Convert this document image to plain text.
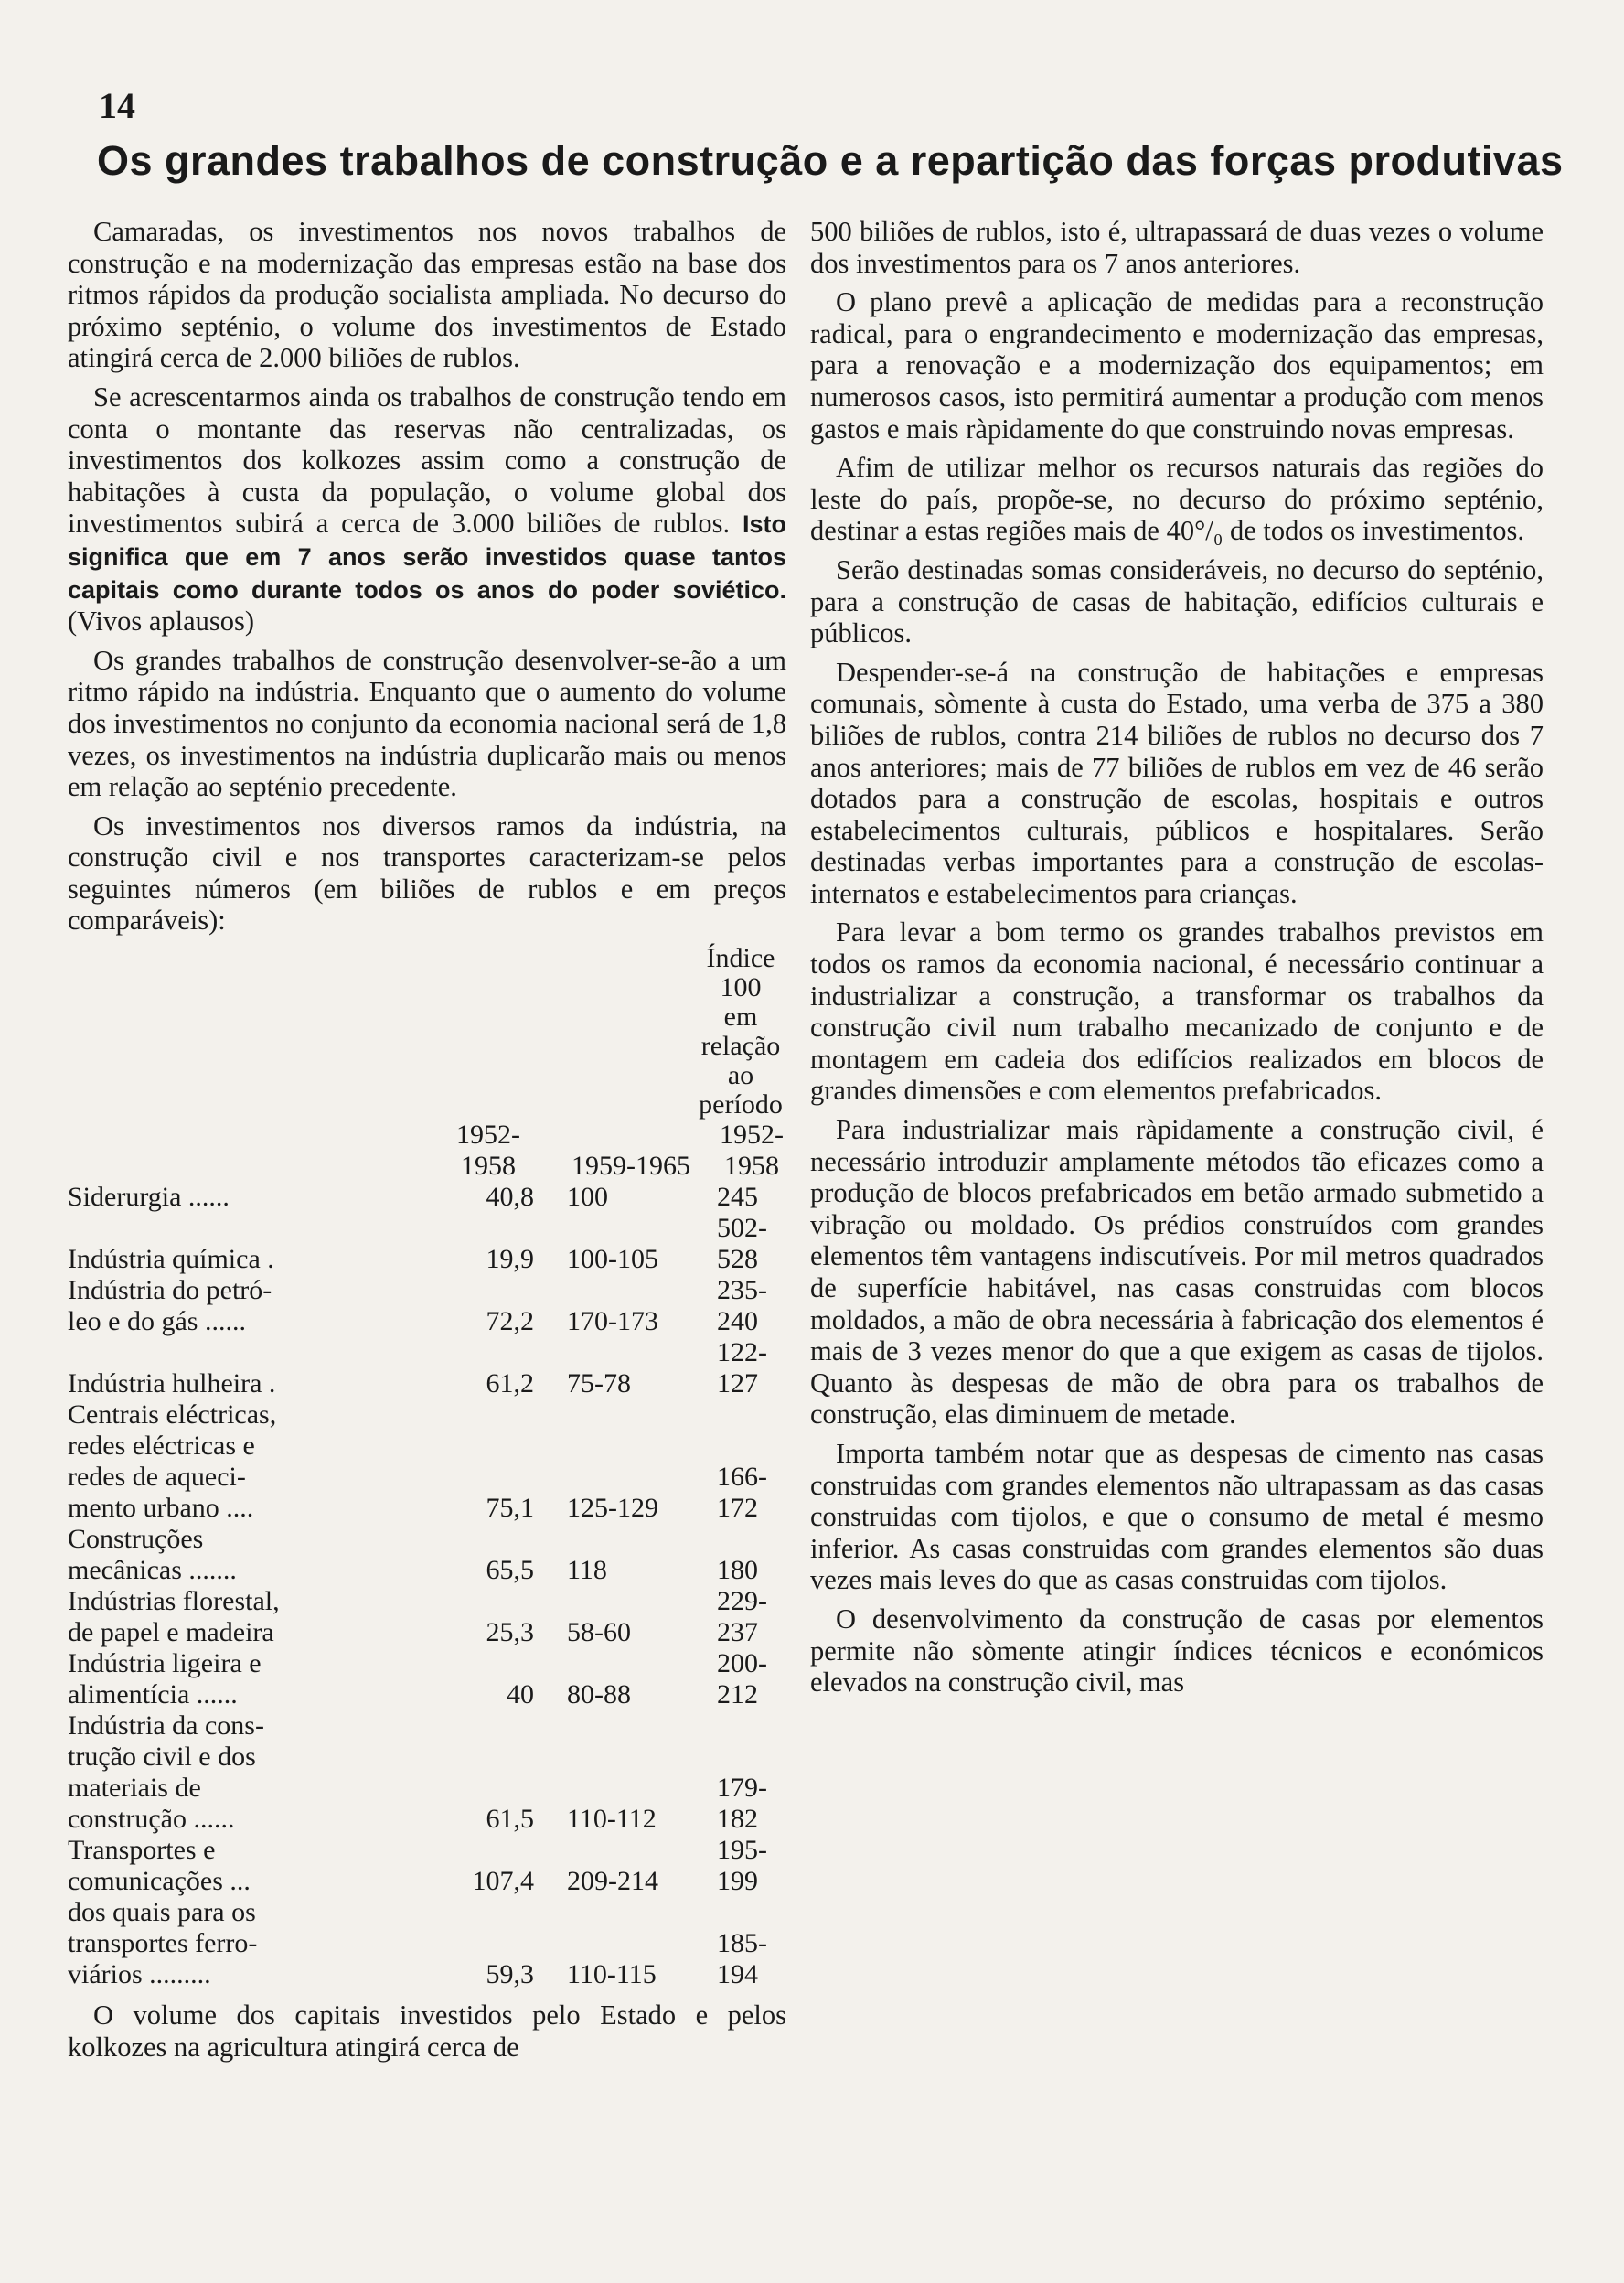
14
Os grandes trabalhos de construção e a repartição das forças produtivas

Camaradas, os investimentos nos novos trabalhos de construção e na modernização das empresas estão na base dos ritmos rápidos da produção socialista ampliada. No decurso do próximo septénio, o volume dos investimentos de Estado atingirá cerca de 2.000 biliões de rublos.

Se acrescentarmos ainda os trabalhos de construção tendo em conta o montante das reservas não centralizadas, os investimentos dos kolkozes assim como a construção de habitações à custa da população, o volume global dos investimentos subirá a cerca de 3.000 biliões de rublos. Isto significa que em 7 anos serão investidos quase tantos capitais como durante todos os anos do poder soviético. (Vivos aplausos)

Os grandes trabalhos de construção desenvolver-se-ão a um ritmo rápido na indústria. Enquanto que o aumento do volume dos investimentos no conjunto da economia nacional será de 1,8 vezes, os investimentos na indústria duplicarão mais ou menos em relação ao septénio precedente.

Os investimentos nos diversos ramos da indústria, na construção civil e nos transportes caracterizam-se pelos seguintes números (em biliões de rublos e em preços comparáveis):

			Índice 100
em relação
ao período

	1952-1958	1959-1965	1952-1958

Siderurgia ......	40,8	100	245

Indústria química .	19,9	100-105	502-528

Indústria do petró-
leo e do gás ......	72,2	170-173	235-240

Indústria hulheira .	61,2	75-78	122-127

Centrais eléctricas,
redes eléctricas e
redes de aqueci-
mento urbano ....	75,1	125-129	166-172

Construções
mecânicas .......	65,5	118	180

Indústrias florestal,
de papel e madeira	25,3	58-60	229-237

Indústria ligeira e
alimentícia ......	40	80-88	200-212

Indústria da cons-
trução civil e dos
materiais de
construção ......	61,5	110-112	179-182

Transportes e
comunicações ...	107,4	209-214	195-199

dos quais para os
transportes ferro-
viários .........	59,3	110-115	185-194

O volume dos capitais investidos pelo Estado e pelos kolkozes na agricultura atingirá cerca de

500 biliões de rublos, isto é, ultrapassará de duas vezes o volume dos investimentos para os 7 anos anteriores.

O plano prevê a aplicação de medidas para a reconstrução radical, para o engrandecimento e modernização das empresas, para a renovação e a modernização dos equipamentos; em numerosos casos, isto permitirá aumentar a produção com menos gastos e mais ràpidamente do que construindo novas empresas.

Afim de utilizar melhor os recursos naturais das regiões do leste do país, propõe-se, no decurso do próximo septénio, destinar a estas regiões mais de 40°/₀ de todos os investimentos.

Serão destinadas somas consideráveis, no decurso do septénio, para a construção de casas de habitação, edifícios culturais e públicos.

Despender-se-á na construção de habitações e empresas comunais, sòmente à custa do Estado, uma verba de 375 a 380 biliões de rublos, contra 214 biliões de rublos no decurso dos 7 anos anteriores; mais de 77 biliões de rublos em vez de 46 serão dotados para a construção de escolas, hospitais e outros estabelecimentos culturais, públicos e hospitalares. Serão destinadas verbas importantes para a construção de escolas-internatos e estabelecimentos para crianças.

Para levar a bom termo os grandes trabalhos previstos em todos os ramos da economia nacional, é necessário continuar a industrializar a construção, a transformar os trabalhos da construção civil num trabalho mecanizado de conjunto e de montagem em cadeia dos edifícios realizados em blocos de grandes dimensões e com elementos prefabricados.

Para industrializar mais ràpidamente a construção civil, é necessário introduzir amplamente métodos tão eficazes como a produção de blocos prefabricados em betão armado submetido a vibração ou moldado. Os prédios construídos com grandes elementos têm vantagens indiscutíveis. Por mil metros quadrados de superfície habitável, nas casas construidas com blocos moldados, a mão de obra necessária à fabricação dos elementos é mais de 3 vezes menor do que a que exigem as casas de tijolos. Quanto às despesas de mão de obra para os trabalhos de construção, elas diminuem de metade.

Importa também notar que as despesas de cimento nas casas construidas com grandes elementos não ultrapassam as das casas construidas com tijolos, e que o consumo de metal é mesmo inferior. As casas construidas com grandes elementos são duas vezes mais leves do que as casas construidas com tijolos.

O desenvolvimento da construção de casas por elementos permite não sòmente atingir índices técnicos e económicos elevados na construção civil, mas
